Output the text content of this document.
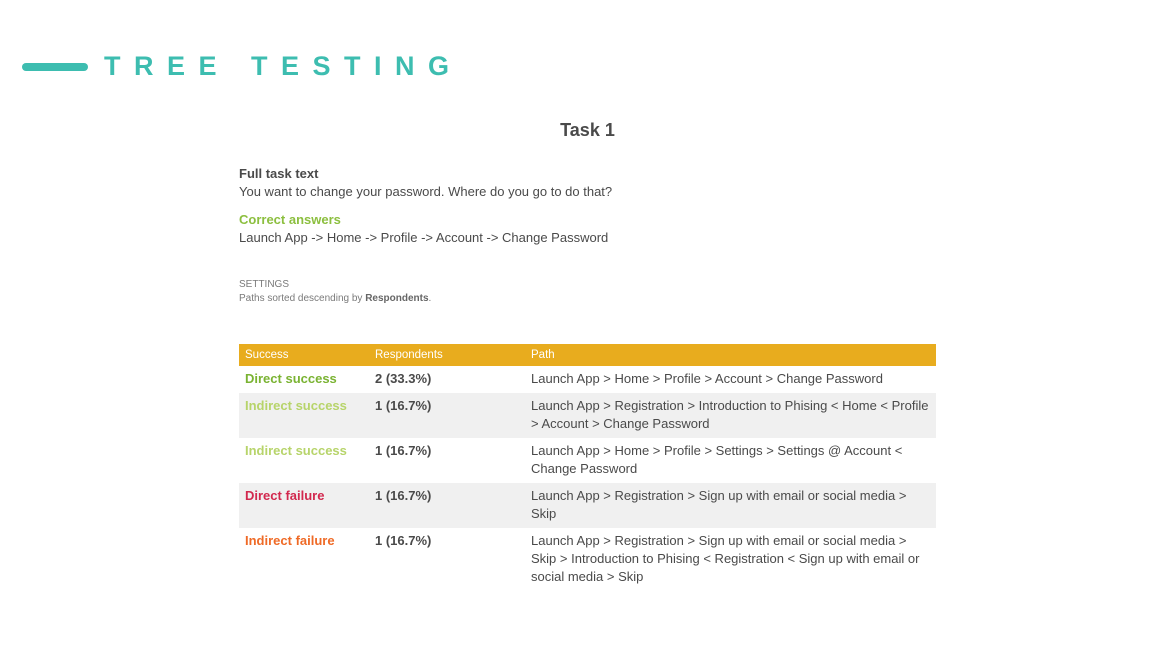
TREE TESTING
Task 1
Full task text
You want to change your password. Where do you go to do that?
Correct answers
Launch App -> Home -> Profile -> Account -> Change Password
SETTINGS
Paths sorted descending by Respondents.
Success	Respondents	Path
Direct success	2 (33.3%)	Launch App > Home > Profile > Account > Change Password
Indirect success	1 (16.7%)	Launch App > Registration > Introduction to Phising < Home < Profile > Account > Change Password
Indirect success	1 (16.7%)	Launch App > Home > Profile > Settings > Settings @ Account < Change Password
Direct failure	1 (16.7%)	Launch App > Registration > Sign up with email or social media > Skip
Indirect failure	1 (16.7%)	Launch App > Registration > Sign up with email or social media > Skip > Introduction to Phising < Registration < Sign up with email or social media > Skip
